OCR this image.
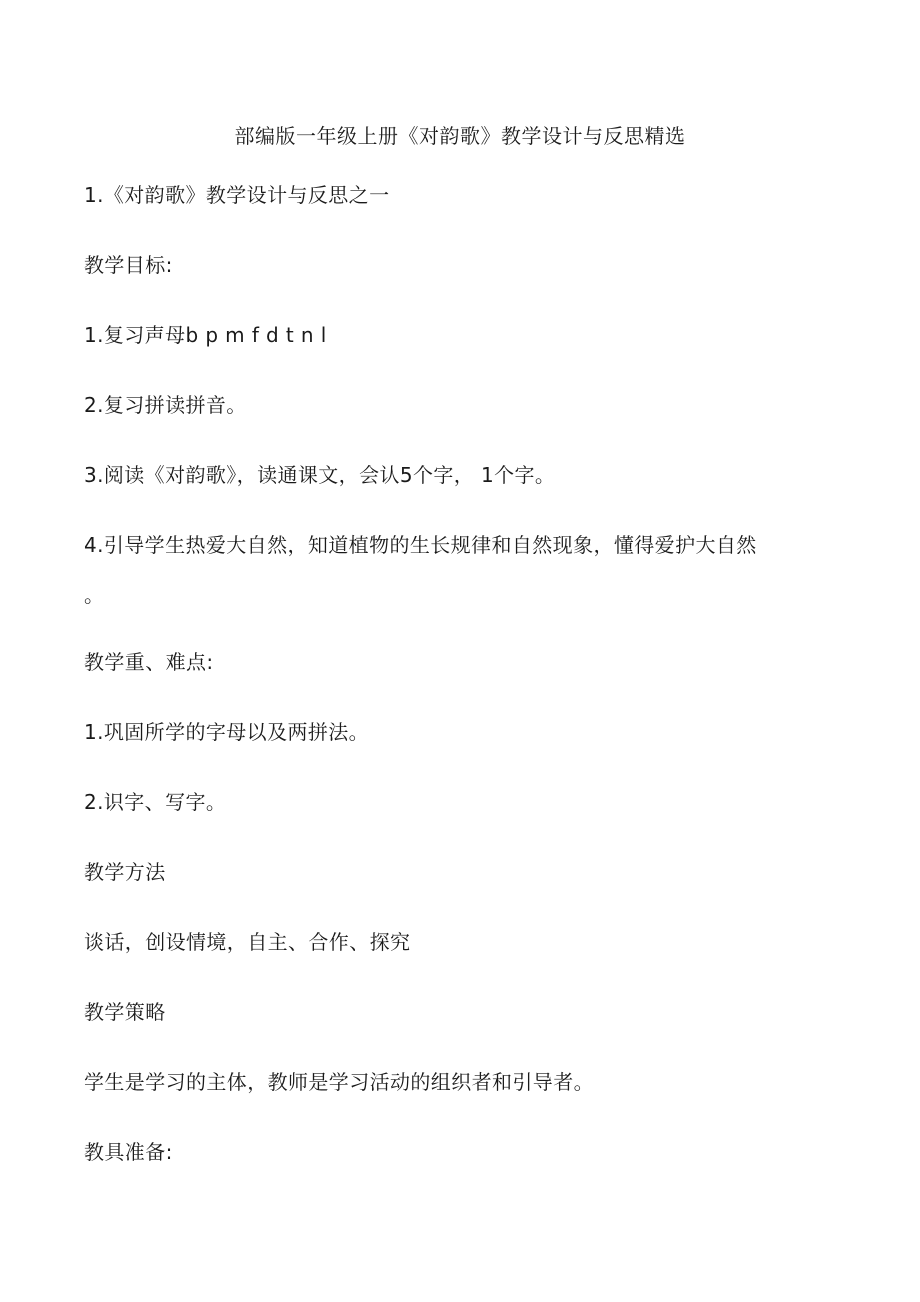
部编版一年级上册《对韵歌》教学设计与反思精选
1.《对韵歌》教学设计与反思之一
教学目标:
1.复习声母b p m f d t n l
2.复习拼读拼音。
3.阅读《对韵歌》，读通课文，会认5个字， 1个字。
4.引导学生热爱大自然，知道植物的生长规律和自然现象，懂得爱护大自然
。
教学重、难点:
1.巩固所学的字母以及两拼法。
2.识字、写字。
教学方法
谈话，创设情境，自主、合作、探究
教学策略
学生是学习的主体，教师是学习活动的组织者和引导者。
教具准备:
